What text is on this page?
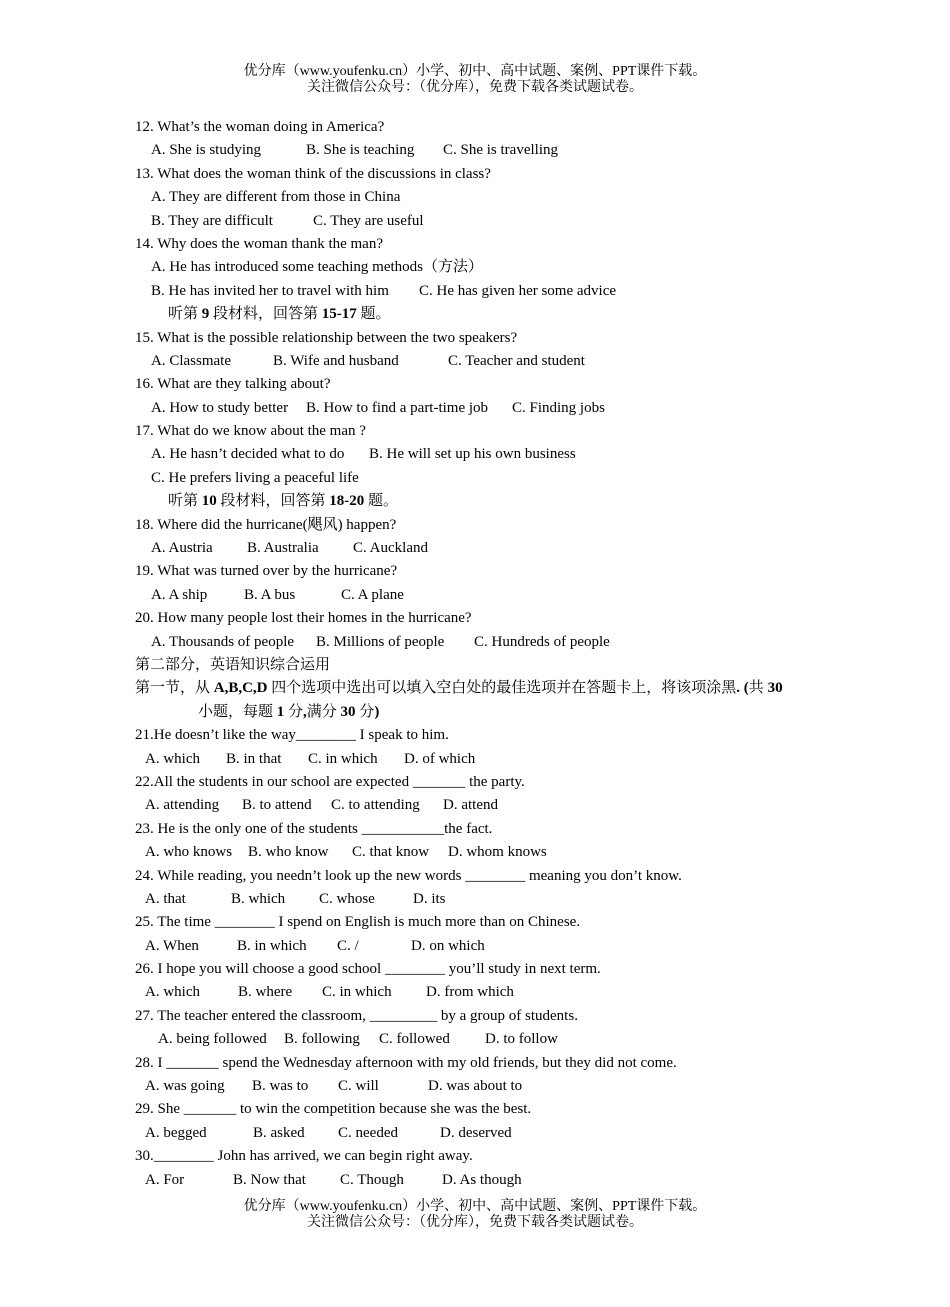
优分库（www.youfenku.cn）小学、初中、高中试题、案例、PPT课件下载。
关注微信公众号：（优分库），免费下载各类试题试卷。
12. What’s the woman doing in America?
A. She is studying	B. She is teaching C. She is travelling
13. What does the woman think of the discussions in class?
A. They are different from those in China
B. They are difficult	C. They are useful
14. Why does the woman thank the man?
A. He has introduced some teaching methods（方法）
B. He has invited her to travel with him C. He has given her some advice
听第 9 段材料，回答第 15-17 题。
15. What is the possible relationship between the two speakers?
A. Classmate	B. Wife and husband	C. Teacher and student
16. What are they talking about?
A. How to study better B. How to find a part-time job C. Finding jobs
17. What do we know about the man ?
A. He hasn’t decided what to do B. He will set up his own business
C. He prefers living a peaceful life
听第 10 段材料，回答第 18-20 题。
18. Where did the hurricane(飓风) happen?
A. Austria B. Australia C. Auckland
19. What was turned over by the hurricane?
A. A ship B. A bus	C. A plane
20. How many people lost their homes in the hurricane?
A. Thousands of people B. Millions of people C. Hundreds of people
第二部分，英语知识综合运用
第一节，从 A,B,C,D 四个选项中选出可以填入空白处的最佳选项并在答题卡上，将该项涂黑. (共 30
小题，每题 1 分,满分 30 分)
21.He doesn’t like the way________ I speak to him.
A. which B. in that C. in which D. of which
22.All the students in our school are expected _______ the party.
A. attending B. to attend C. to attending D. attend
23. He is the only one of the students ___________the fact.
A. who knows B. who know C. that know D. whom knows
24. While reading, you needn’t look up the new words ________ meaning you don’t know.
A. that	B. which C. whose	D. its
25. The time ________ I spend on English is much more than on Chinese.
A. When	B. in which C. /	D. on which
26. I hope you will choose a good school ________ you’ll study in next term.
A. which	B. where C. in which D. from which
27. The teacher entered the classroom, _________ by a group of students.
A. being followed B. following C. followed D. to follow
28. I _______ spend the Wednesday afternoon with my old friends, but they did not come.
A. was going B. was to C. will	D. was about to
29. She _______ to win the competition because she was the best.
A. begged	B. asked C. needed	D. deserved
30.________ John has arrived, we can begin right away.
A. For	B. Now that C. Though	D. As though
优分库（www.youfenku.cn）小学、初中、高中试题、案例、PPT课件下载。
关注微信公众号：（优分库），免费下载各类试题试卷。
